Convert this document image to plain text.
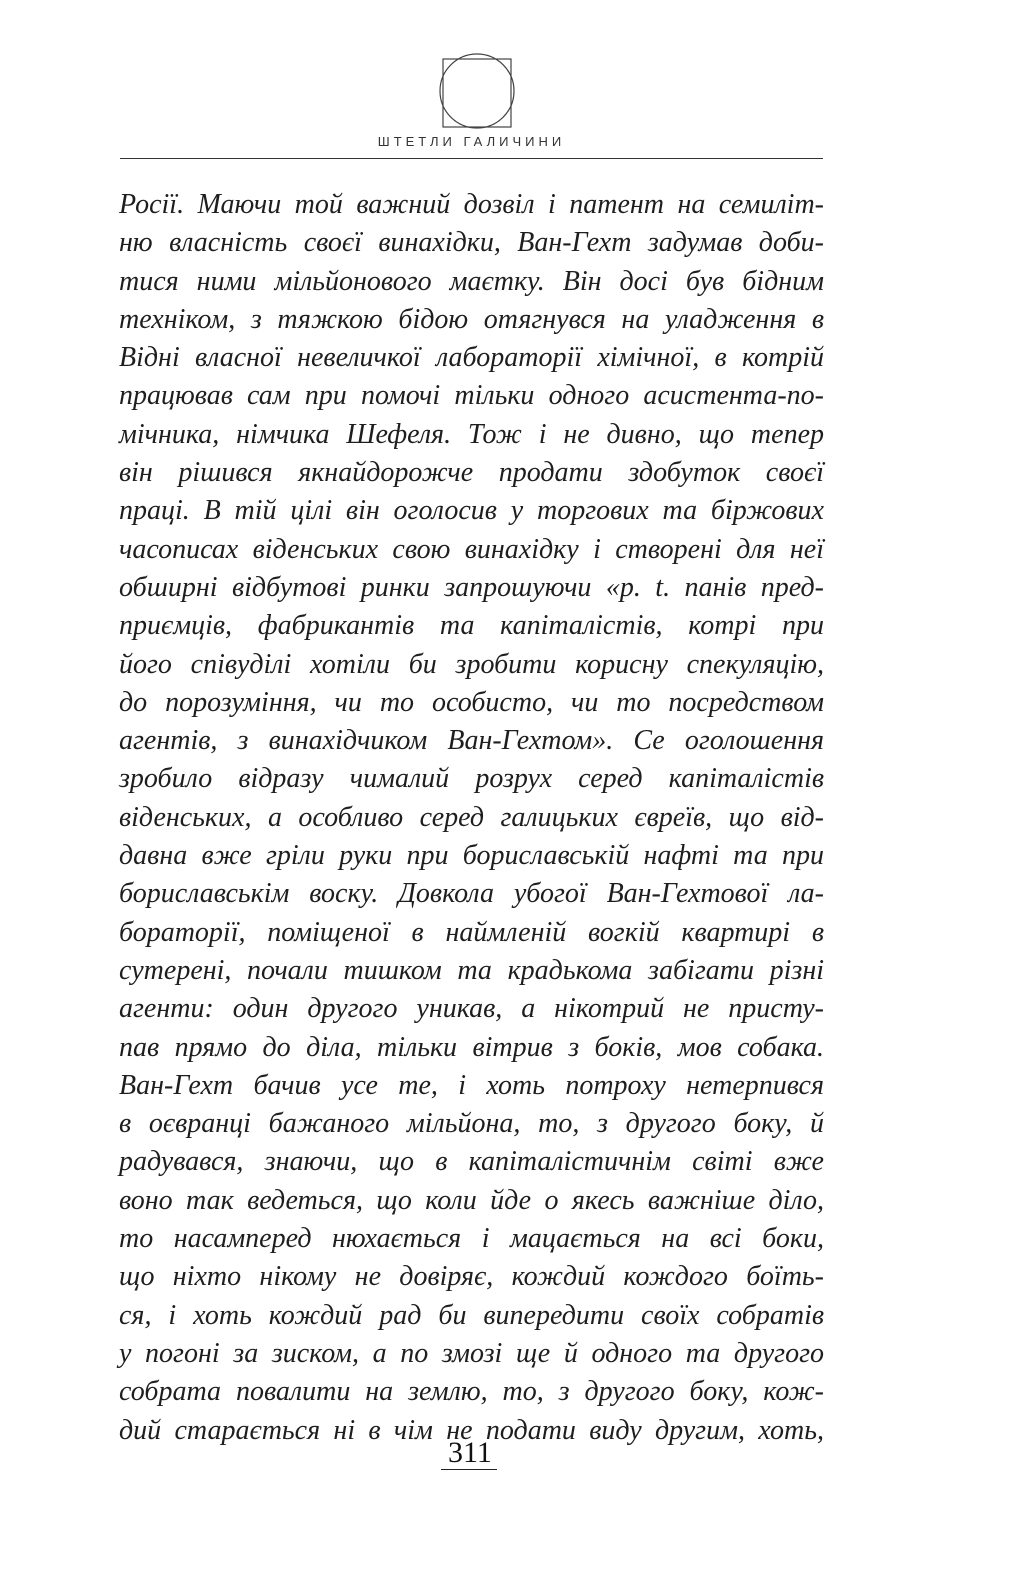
ШТЕТЛИ ГАЛИЧИНИ
Росії. Маючи той важний дозвіл і патент на семиліт-
ню власність своєї винахідки, Ван-Гехт задумав доби-
тися ними мільйонового маєтку. Він досі був бідним
техніком, з тяжкою бідою отягнувся на уладження в
Відні власної невеличкої лабораторії хімічної, в котрій
працював сам при помочі тільки одного асистента-по-
мічника, німчика Шефеля. Тож і не дивно, що тепер
він рішився якнайдорожче продати здобуток своєї
праці. В тій цілі він оголосив у торгових та біржових
часописах віденських свою винахідку і створені для неї
обширні відбутові ринки запрошуючи «р. t. панів пред-
приємців, фабрикантів та капіталістів, котрі при
його співуділі хотіли би зробити корисну спекуляцію,
до порозуміння, чи то особисто, чи то посредством
агентів, з винахідчиком Ван-Гехтом». Се оголошення
зробило відразу чималий розрух серед капіталістів
віденських, а особливо серед галицьких євреїв, що від-
давна вже гріли руки при бориславській нафті та при
бориславськім воску. Довкола убогої Ван-Гехтової ла-
бораторії, поміщеної в наймленій вогкій квартирі в
сутерені, почали тишком та крадькома забігати різні
агенти: один другого уникав, а нікотрий не присту-
пав прямо до діла, тільки вітрив з боків, мов собака.
Ван-Гехт бачив усе те, і хоть потроху нетерпився
в оєвранці бажаного мільйона, то, з другого боку, й
радувався, знаючи, що в капіталістичнім світі вже
воно так ведеться, що коли йде о якесь важніше діло,
то насамперед нюхається і мацається на всі боки,
що ніхто нікому не довіряє, кождий кождого боїть-
ся, і хоть кождий рад би випередити своїх собратів
у погоні за зиском, а по змозі ще й одного та другого
собрата повалити на землю, то, з другого боку, кож-
дий старається ні в чім не подати виду другим, хоть,
311
